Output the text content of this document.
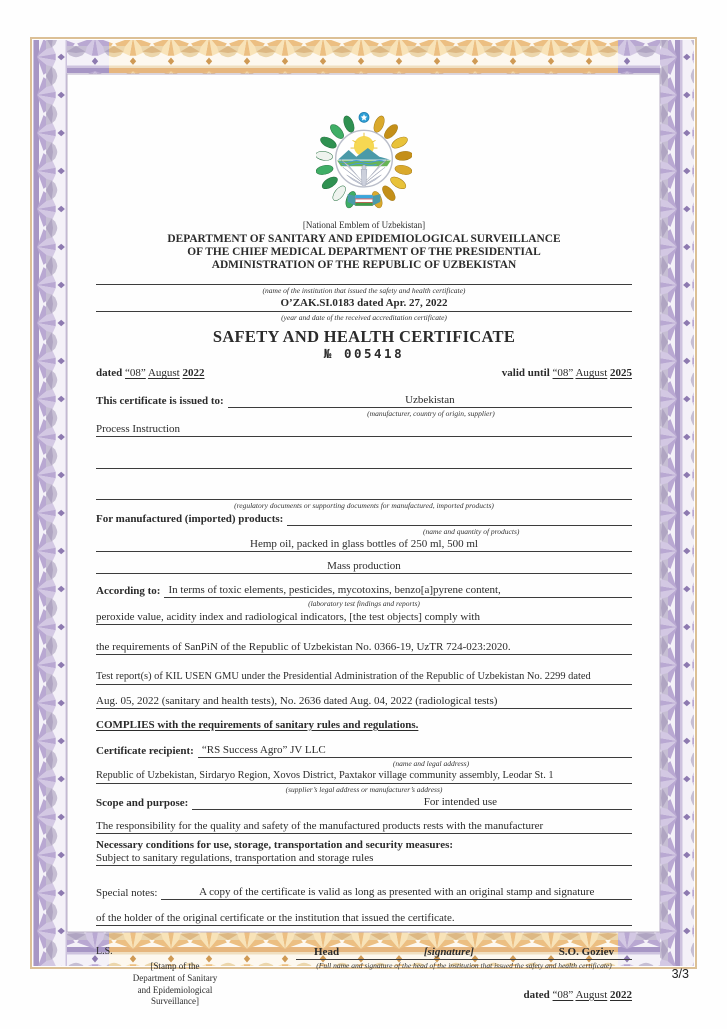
[National Emblem of Uzbekistan]
DEPARTMENT OF SANITARY AND EPIDEMIOLOGICAL SURVEILLANCE
OF THE CHIEF MEDICAL DEPARTMENT OF THE PRESIDENTIAL
ADMINISTRATION OF THE REPUBLIC OF UZBEKISTAN
(name of the institution that issued the safety and health certificate)
O’ZAK.SI.0183 dated Apr. 27, 2022
(year and date of the received accreditation certificate)
SAFETY AND HEALTH CERTIFICATE
№ 005418
dated “08” August 2022	valid until “08” August 2025
This certificate is issued to:	Uzbekistan
(manufacturer, country of origin, supplier)
Process Instruction
(regulatory documents or supporting documents for manufactured, imported products)
For manufactured (imported) products:
(name and quantity of products)
Hemp oil, packed in glass bottles of 250 ml, 500 ml
Mass production
According to: In terms of toxic elements, pesticides, mycotoxins, benzo[a]pyrene content,
(laboratory test findings and reports)
peroxide value, acidity index and radiological indicators, [the test objects] comply with
the requirements of SanPiN of the Republic of Uzbekistan No. 0366-19, UzTR 724-023:2020.
Test report(s) of KIL USEN GMU under the Presidential Administration of the Republic of Uzbekistan No. 2299 dated
Aug. 05, 2022 (sanitary and health tests), No. 2636 dated Aug. 04, 2022 (radiological tests)
COMPLIES with the requirements of sanitary rules and regulations.
Certificate recipient: “RS Success Agro” JV LLC
(name and legal address)
Republic of Uzbekistan, Sirdaryo Region, Xovos District, Paxtakor village community assembly, Leodar St. 1
(supplier’s legal address or manufacturer’s address)
Scope and purpose:	For intended use
The responsibility for the quality and safety of the manufactured products rests with the manufacturer
Necessary conditions for use, storage, transportation and security measures:
Subject to sanitary regulations, transportation and storage rules
Special notes:	A copy of the certificate is valid as long as presented with an original stamp and signature
of the holder of the original certificate or the institution that issued the certificate.
L.S.
[Stamp of the
Department of Sanitary
and Epidemiological
Surveillance]
Head	[signature]	S.O. Goziev
(Full name and signature of the head of the institution that issued the safety and health certificate)
dated “08” August 2022
3/3
